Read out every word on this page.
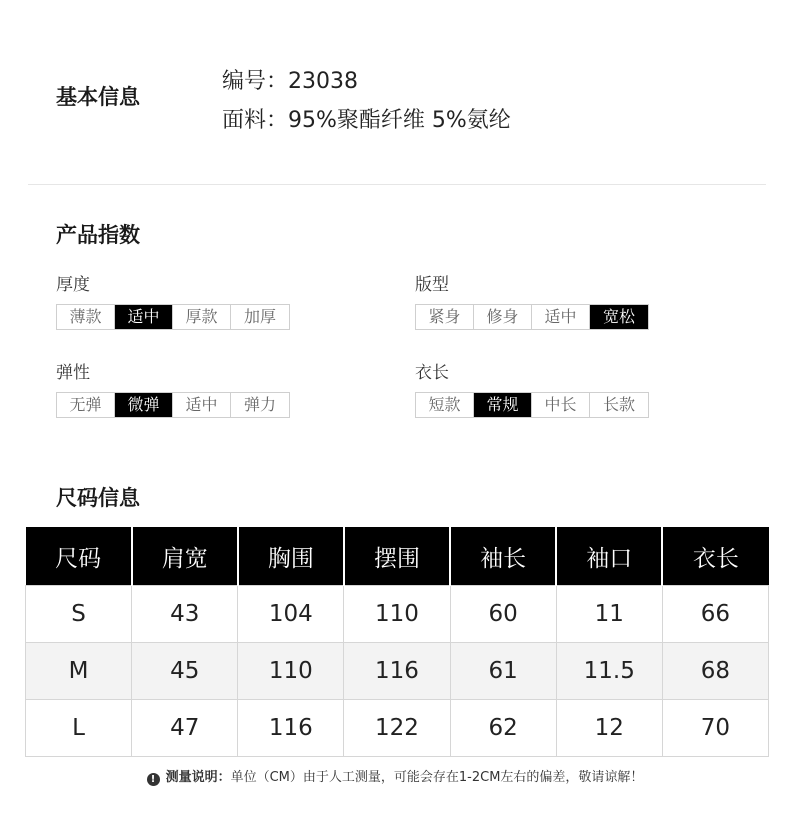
基本信息
编号：23038
面料：95%聚酯纤维 5%氨纶
产品指数
厚度
薄款	适中	厚款	加厚
版型
紧身	修身	适中	宽松
弹性
无弹	微弹	适中	弹力
衣长
短款	常规	中长	长款
尺码信息
尺码	肩宽	胸围	摆围	袖长	袖口	衣长
S	43	104	110	60	11	66
M	45	110	116	61	11.5	68
L	47	116	122	62	12	70
! 测量说明：单位（CM）由于人工测量，可能会存在1-2CM左右的偏差，敬请谅解！
